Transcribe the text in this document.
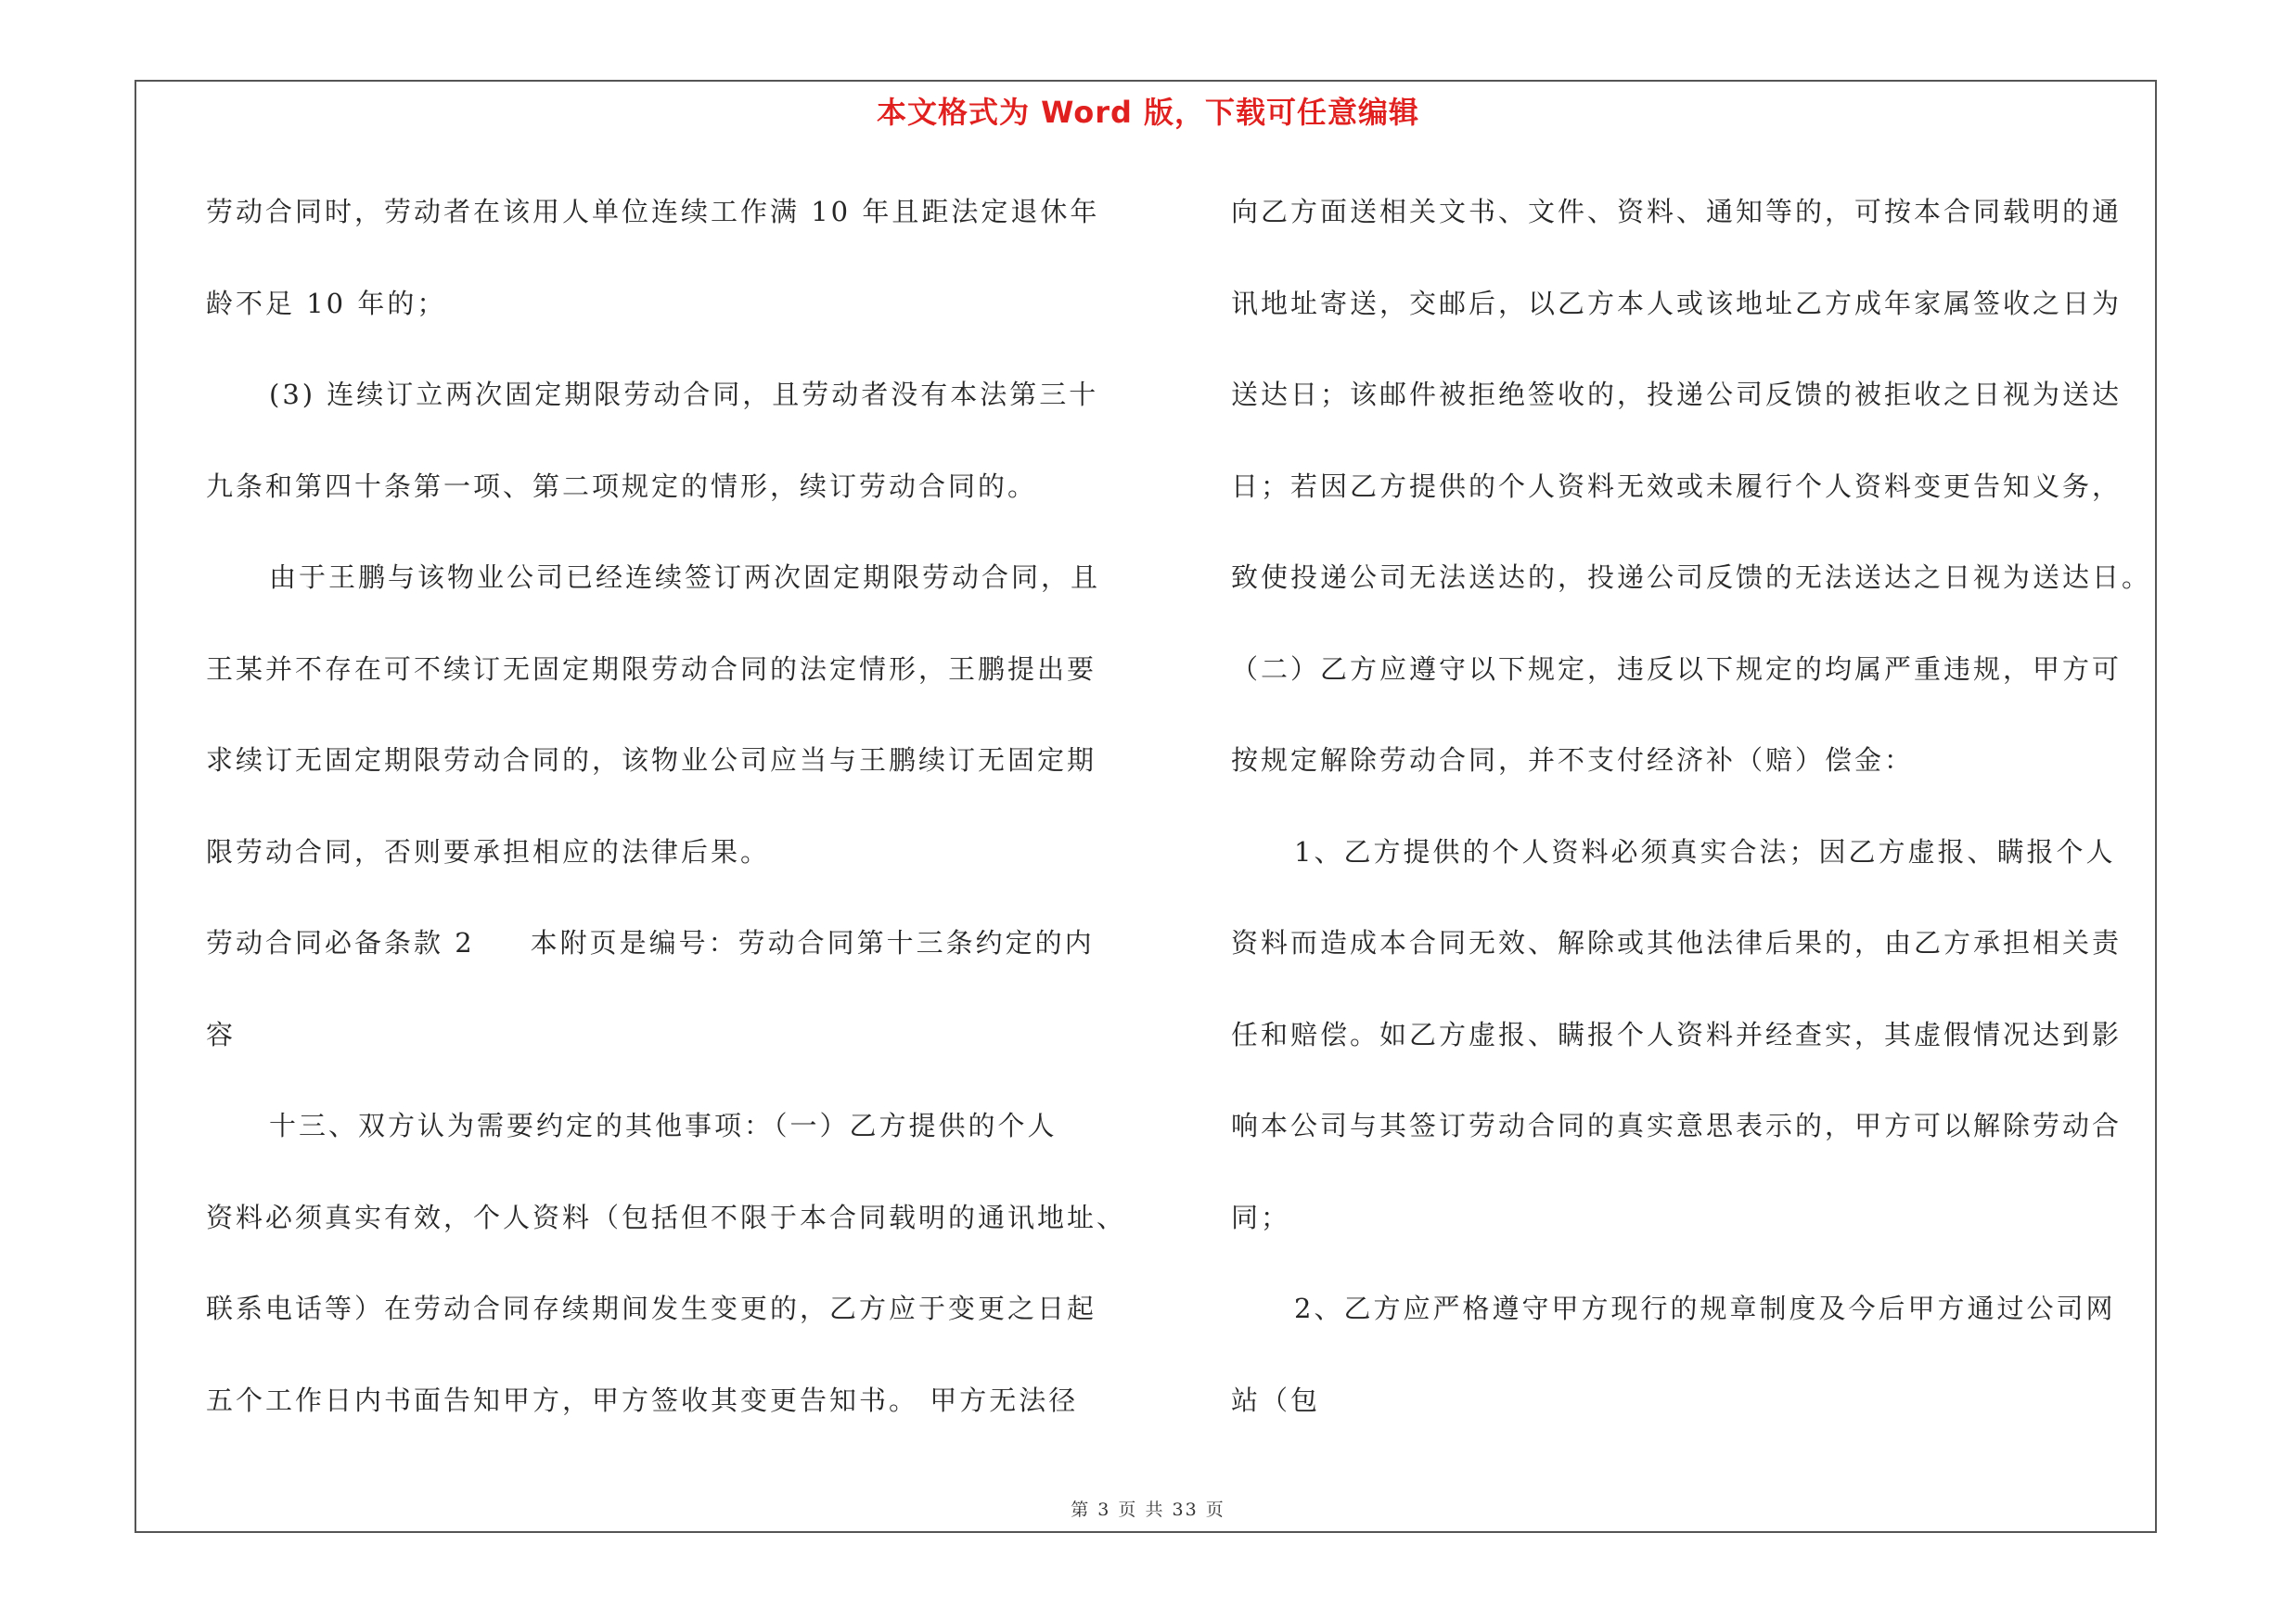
本文格式为 Word 版，下载可任意编辑
劳动合同时，劳动者在该用人单位连续工作满 10 年且距法定退休年
龄不足 10 年的；
(3) 连续订立两次固定期限劳动合同，且劳动者没有本法第三十
九条和第四十条第一项、第二项规定的情形，续订劳动合同的。
由于王鹏与该物业公司已经连续签订两次固定期限劳动合同，且
王某并不存在可不续订无固定期限劳动合同的法定情形，王鹏提出要
求续订无固定期限劳动合同的，该物业公司应当与王鹏续订无固定期
限劳动合同，否则要承担相应的法律后果。
劳动合同必备条款 2 本附页是编号：劳动合同第十三条约定的内
容
十三、双方认为需要约定的其他事项：（一）乙方提供的个人
资料必须真实有效，个人资料（包括但不限于本合同载明的通讯地址、
联系电话等）在劳动合同存续期间发生变更的，乙方应于变更之日起
五个工作日内书面告知甲方，甲方签收其变更告知书。 甲方无法径
向乙方面送相关文书、文件、资料、通知等的，可按本合同载明的通
讯地址寄送，交邮后，以乙方本人或该地址乙方成年家属签收之日为
送达日；该邮件被拒绝签收的，投递公司反馈的被拒收之日视为送达
日；若因乙方提供的个人资料无效或未履行个人资料变更告知义务，
致使投递公司无法送达的，投递公司反馈的无法送达之日视为送达日。
（二）乙方应遵守以下规定，违反以下规定的均属严重违规，甲方可
按规定解除劳动合同，并不支付经济补（赔）偿金：
1、乙方提供的个人资料必须真实合法；因乙方虚报、瞒报个人
资料而造成本合同无效、解除或其他法律后果的，由乙方承担相关责
任和赔偿。如乙方虚报、瞒报个人资料并经查实，其虚假情况达到影
响本公司与其签订劳动合同的真实意思表示的，甲方可以解除劳动合
同；
2、乙方应严格遵守甲方现行的规章制度及今后甲方通过公司网
站（包
第 3 页 共 33 页
